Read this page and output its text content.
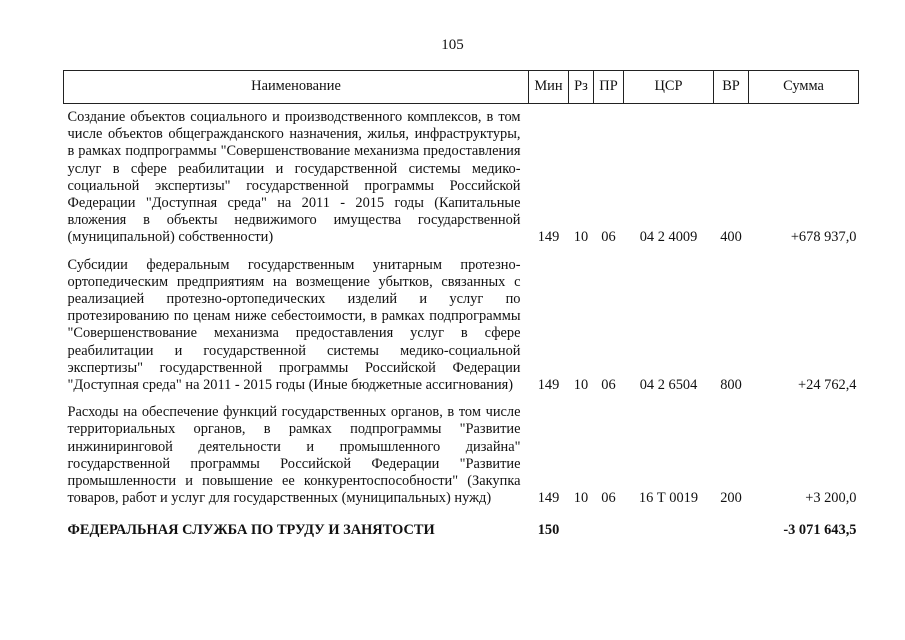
105
Наименование	Мин	Рз	ПР	ЦСР	ВР	Сумма
Создание объектов социального и производственного комплексов, в том числе объектов общегражданского назначения, жилья, инфраструктуры, в рамках подпрограммы "Совершенствование механизма предоставления услуг в сфере реабилитации и государственной системы медико-социальной экспертизы" государственной программы Российской Федерации "Доступная среда" на 2011 - 2015 годы (Капитальные вложения в объекты недвижимого имущества государственной (муниципальной) собственности)	149	10	06	04 2 4009	400	+678 937,0
Субсидии федеральным государственным унитарным протезно-ортопедическим предприятиям на возмещение убытков, связанных с реализацией протезно-ортопедических изделий и услуг по протезированию по ценам ниже себестоимости, в рамках подпрограммы "Совершенствование механизма предоставления услуг в сфере реабилитации и государственной системы медико-социальной экспертизы" государственной программы Российской Федерации "Доступная среда" на 2011 - 2015 годы (Иные бюджетные ассигнования)	149	10	06	04 2 6504	800	+24 762,4
Расходы на обеспечение функций государственных органов, в том числе территориальных органов, в рамках подпрограммы "Развитие инжиниринговой деятельности и промышленного дизайна" государственной программы Российской Федерации "Развитие промышленности и повышение ее конкурентоспособности" (Закупка товаров, работ и услуг для государственных (муниципальных) нужд)	149	10	06	16 Т 0019	200	+3 200,0
ФЕДЕРАЛЬНАЯ СЛУЖБА ПО ТРУДУ И ЗАНЯТОСТИ	150					-3 071 643,5
